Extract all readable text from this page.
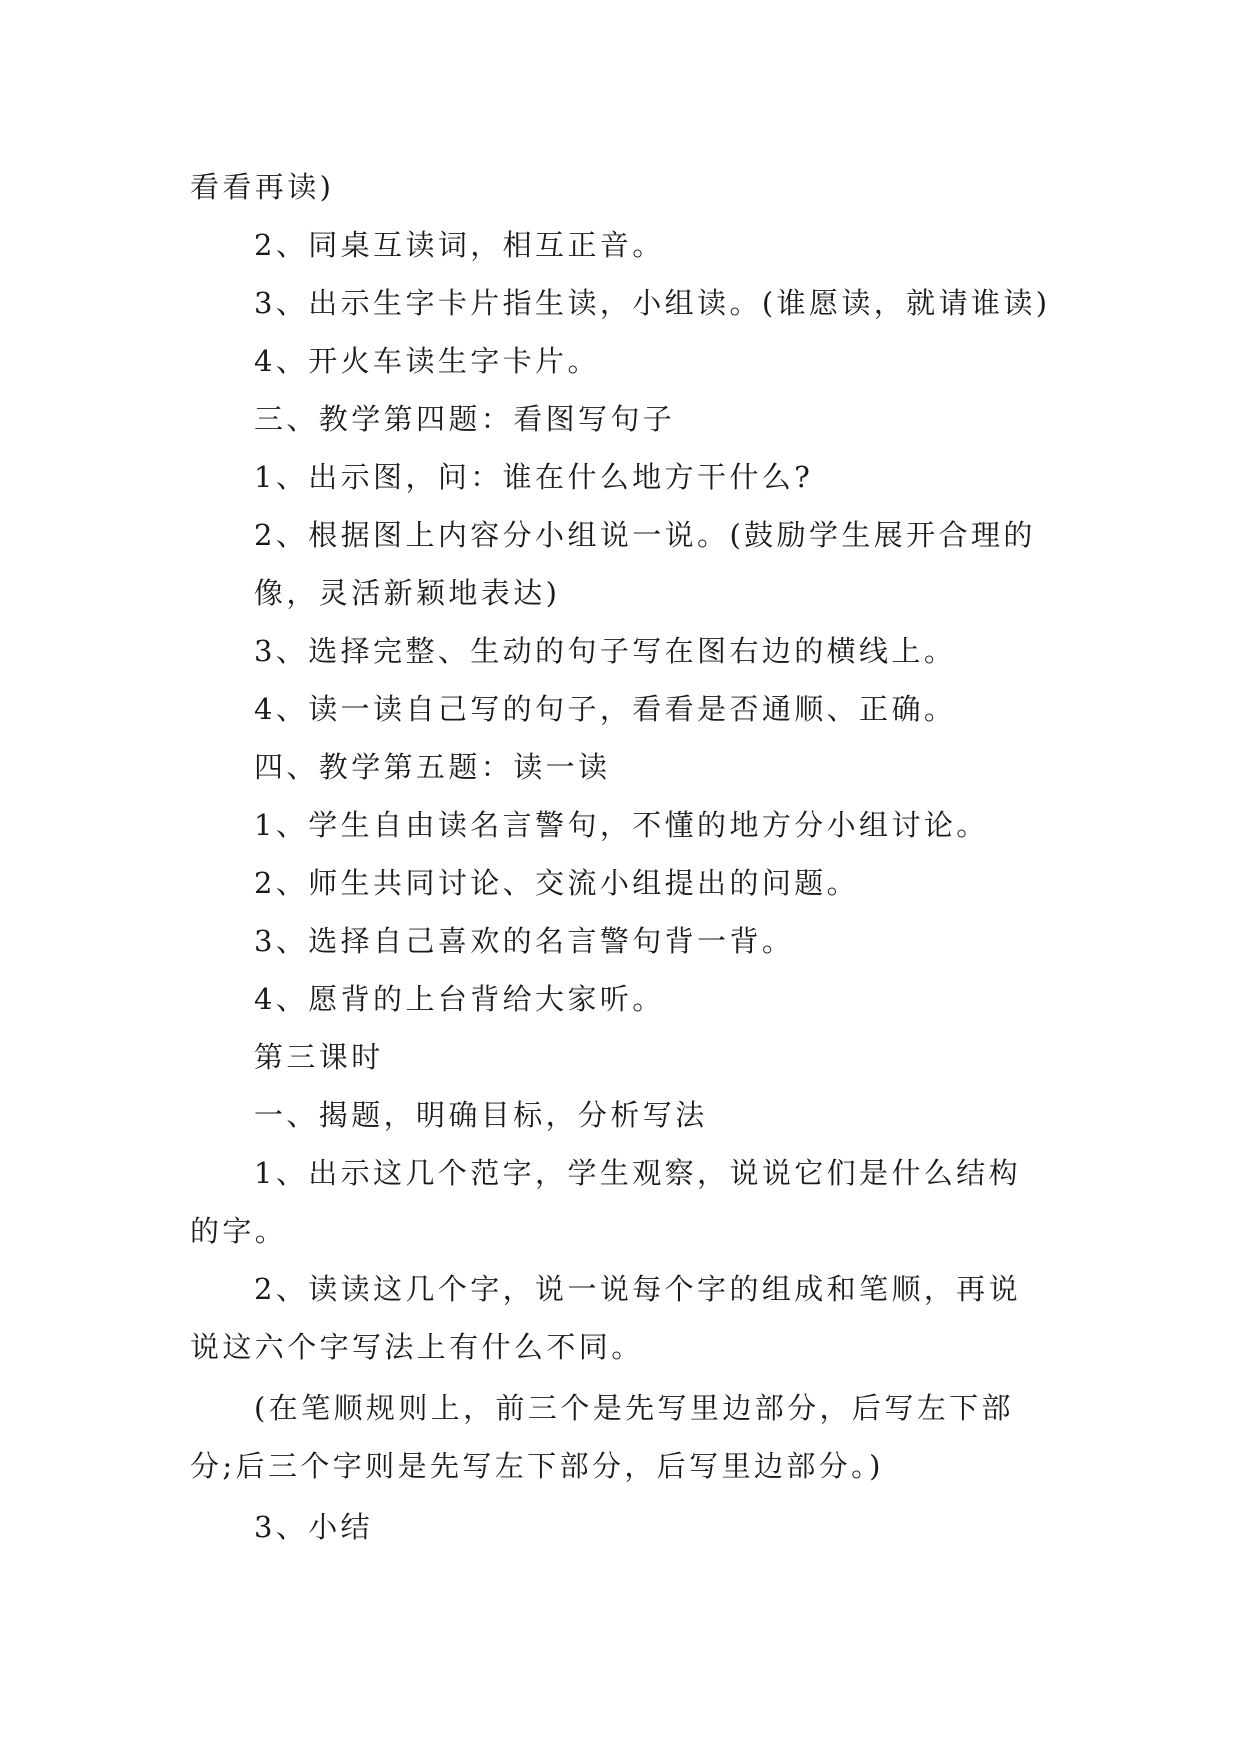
看看再读)

2、同桌互读词，相互正音。

3、出示生字卡片指生读，小组读。(谁愿读，就请谁读)

4、开火车读生字卡片。

三、教学第四题：看图写句子

1、出示图，问：谁在什么地方干什么?

2、根据图上内容分小组说一说。(鼓励学生展开合理的

像，灵活新颖地表达)

3、选择完整、生动的句子写在图右边的横线上。

4、读一读自己写的句子，看看是否通顺、正确。

四、教学第五题：读一读

1、学生自由读名言警句，不懂的地方分小组讨论。

2、师生共同讨论、交流小组提出的问题。

3、选择自己喜欢的名言警句背一背。

4、愿背的上台背给大家听。

第三课时

一、揭题，明确目标，分析写法

1、出示这几个范字，学生观察，说说它们是什么结构

的字。

2、读读这几个字，说一说每个字的组成和笔顺，再说

说这六个字写法上有什么不同。

(在笔顺规则上，前三个是先写里边部分，后写左下部

分;后三个字则是先写左下部分，后写里边部分。)

3、小结
